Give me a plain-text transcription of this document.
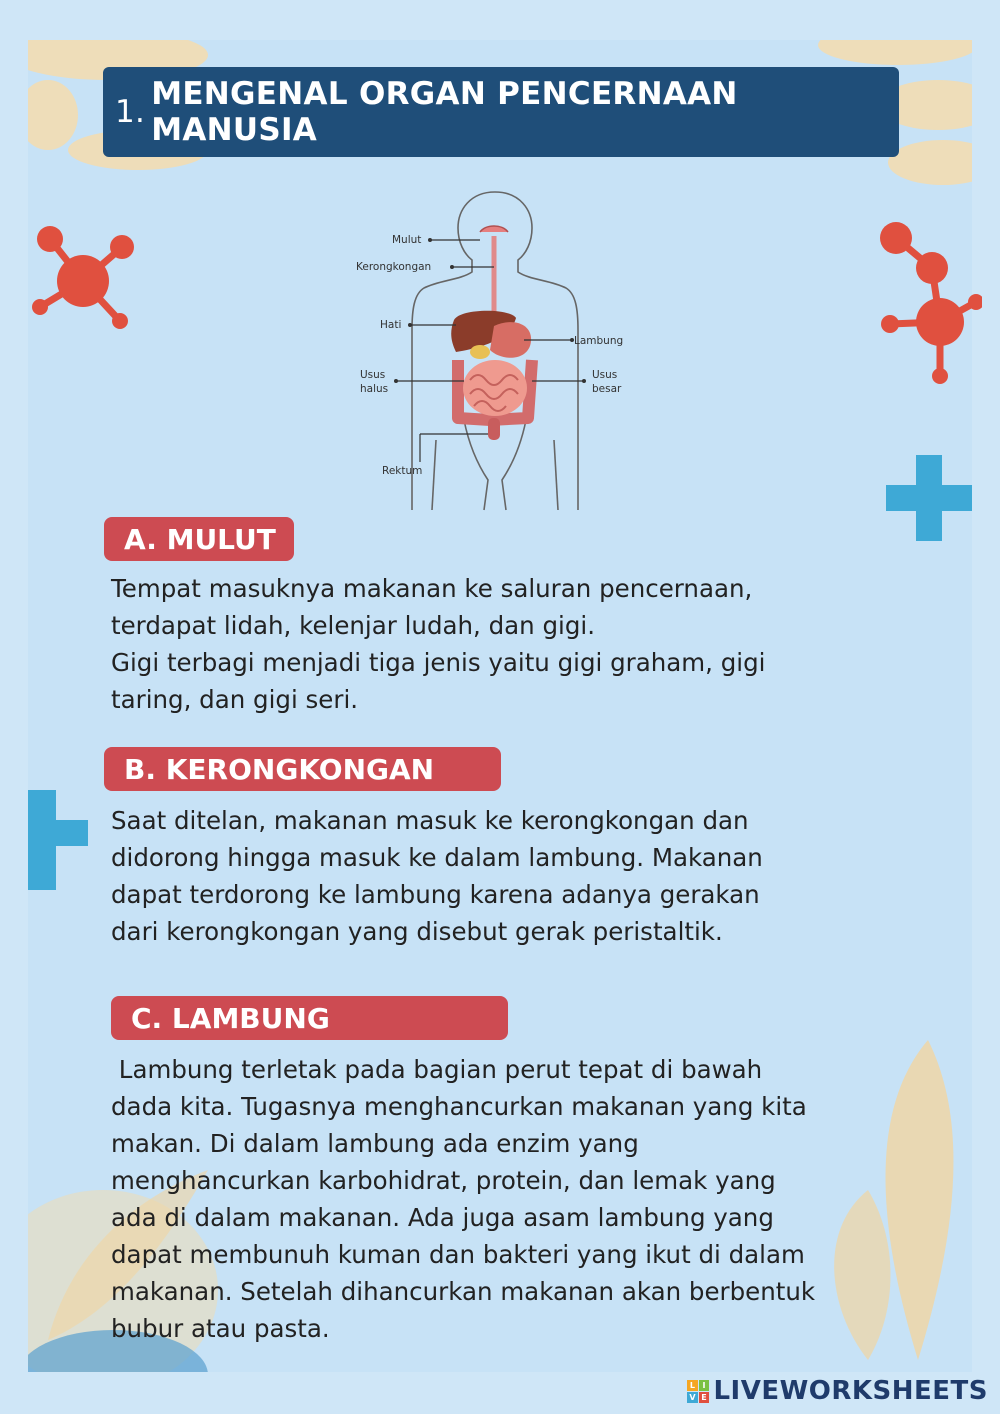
1. MENGENAL ORGAN PENCERNAAN MANUSIA
Mulut
Kerongkongan
Hati
Lambung
Usus
halus
Usus
besar
Rektum
A. MULUT

Tempat masuknya makanan ke saluran pencernaan,

terdapat lidah, kelenjar ludah, dan gigi.

Gigi terbagi menjadi tiga jenis yaitu gigi graham, gigi

taring, dan gigi seri.

B. KERONGKONGAN

Saat ditelan, makanan masuk ke kerongkongan dan

didorong hingga masuk ke dalam lambung. Makanan

dapat terdorong ke lambung karena adanya gerakan

dari kerongkongan yang disebut gerak peristaltik.

C. LAMBUNG

Lambung terletak pada bagian perut tepat di bawah

dada kita. Tugasnya menghancurkan makanan yang kita

makan. Di dalam lambung ada enzim yang

menghancurkan karbohidrat, protein, dan lemak yang

ada di dalam makanan. Ada juga asam lambung yang

dapat membunuh kuman dan bakteri yang ikut di dalam

makanan. Setelah dihancurkan makanan akan berbentuk

bubur atau pasta.

L I
V E LIVEWORKSHEETS
